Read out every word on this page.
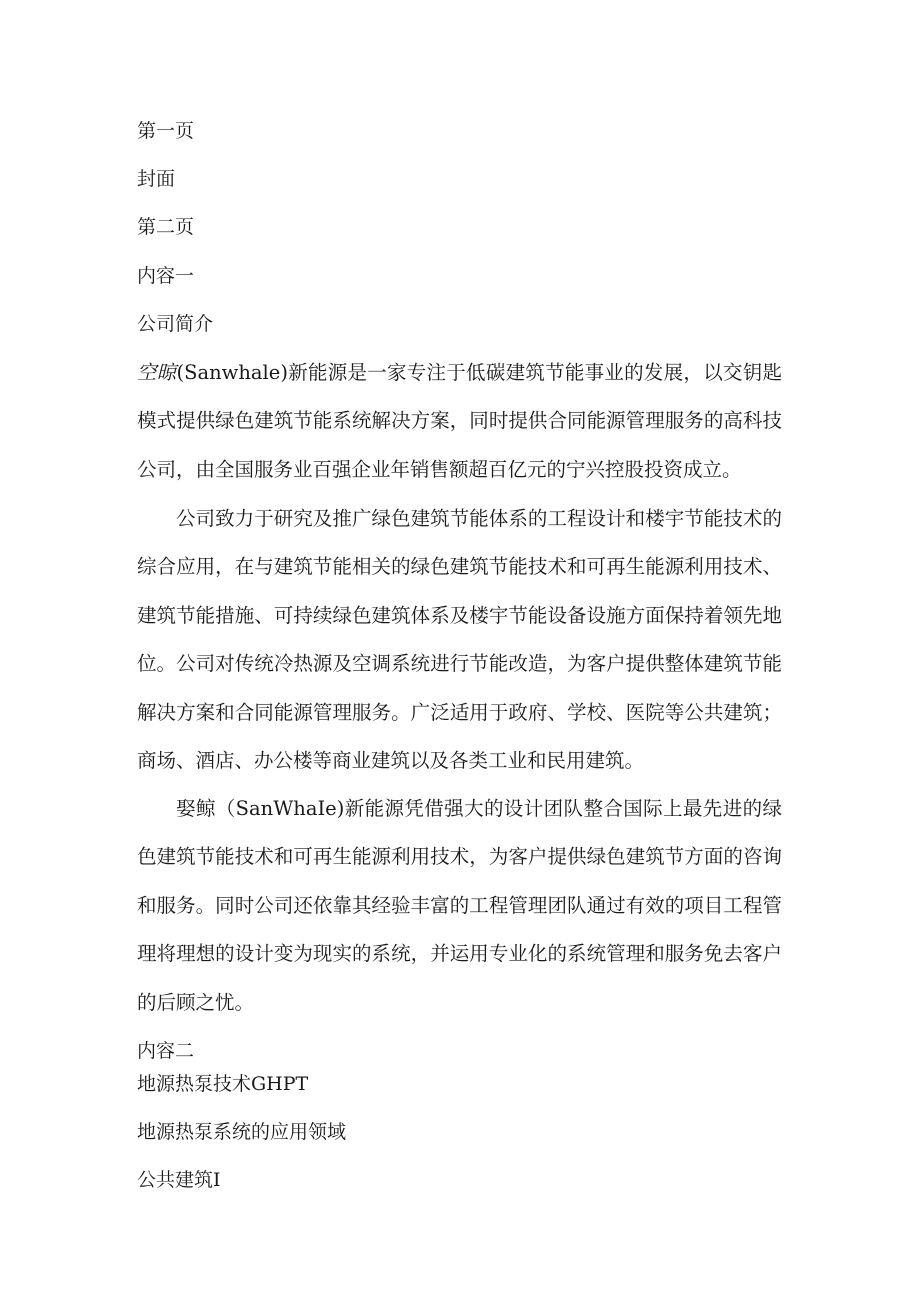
第一页

封面

第二页

内容一

公司简介

空晾(Sanwhale)新能源是一家专注于低碳建筑节能事业的发展，以交钥匙模式提供绿色建筑节能系统解决方案，同时提供合同能源管理服务的高科技公司，由全国服务业百强企业年销售额超百亿元的宁兴控股投资成立。

公司致力于研究及推广绿色建筑节能体系的工程设计和楼宇节能技术的综合应用，在与建筑节能相关的绿色建筑节能技术和可再生能源利用技术、建筑节能措施、可持续绿色建筑体系及楼宇节能设备设施方面保持着领先地位。公司对传统冷热源及空调系统进行节能改造，为客户提供整体建筑节能解决方案和合同能源管理服务。广泛适用于政府、学校、医院等公共建筑；商场、酒店、办公楼等商业建筑以及各类工业和民用建筑。

娶鲸（SanWhaIe)新能源凭借强大的设计团队整合国际上最先进的绿色建筑节能技术和可再生能源利用技术，为客户提供绿色建筑节方面的咨询和服务。同时公司还依靠其经验丰富的工程管理团队通过有效的项目工程管理将理想的设计变为现实的系统，并运用专业化的系统管理和服务免去客户的后顾之忧。

内容二

地源热泵技术GHPT

地源热泵系统的应用领域

公共建筑I
